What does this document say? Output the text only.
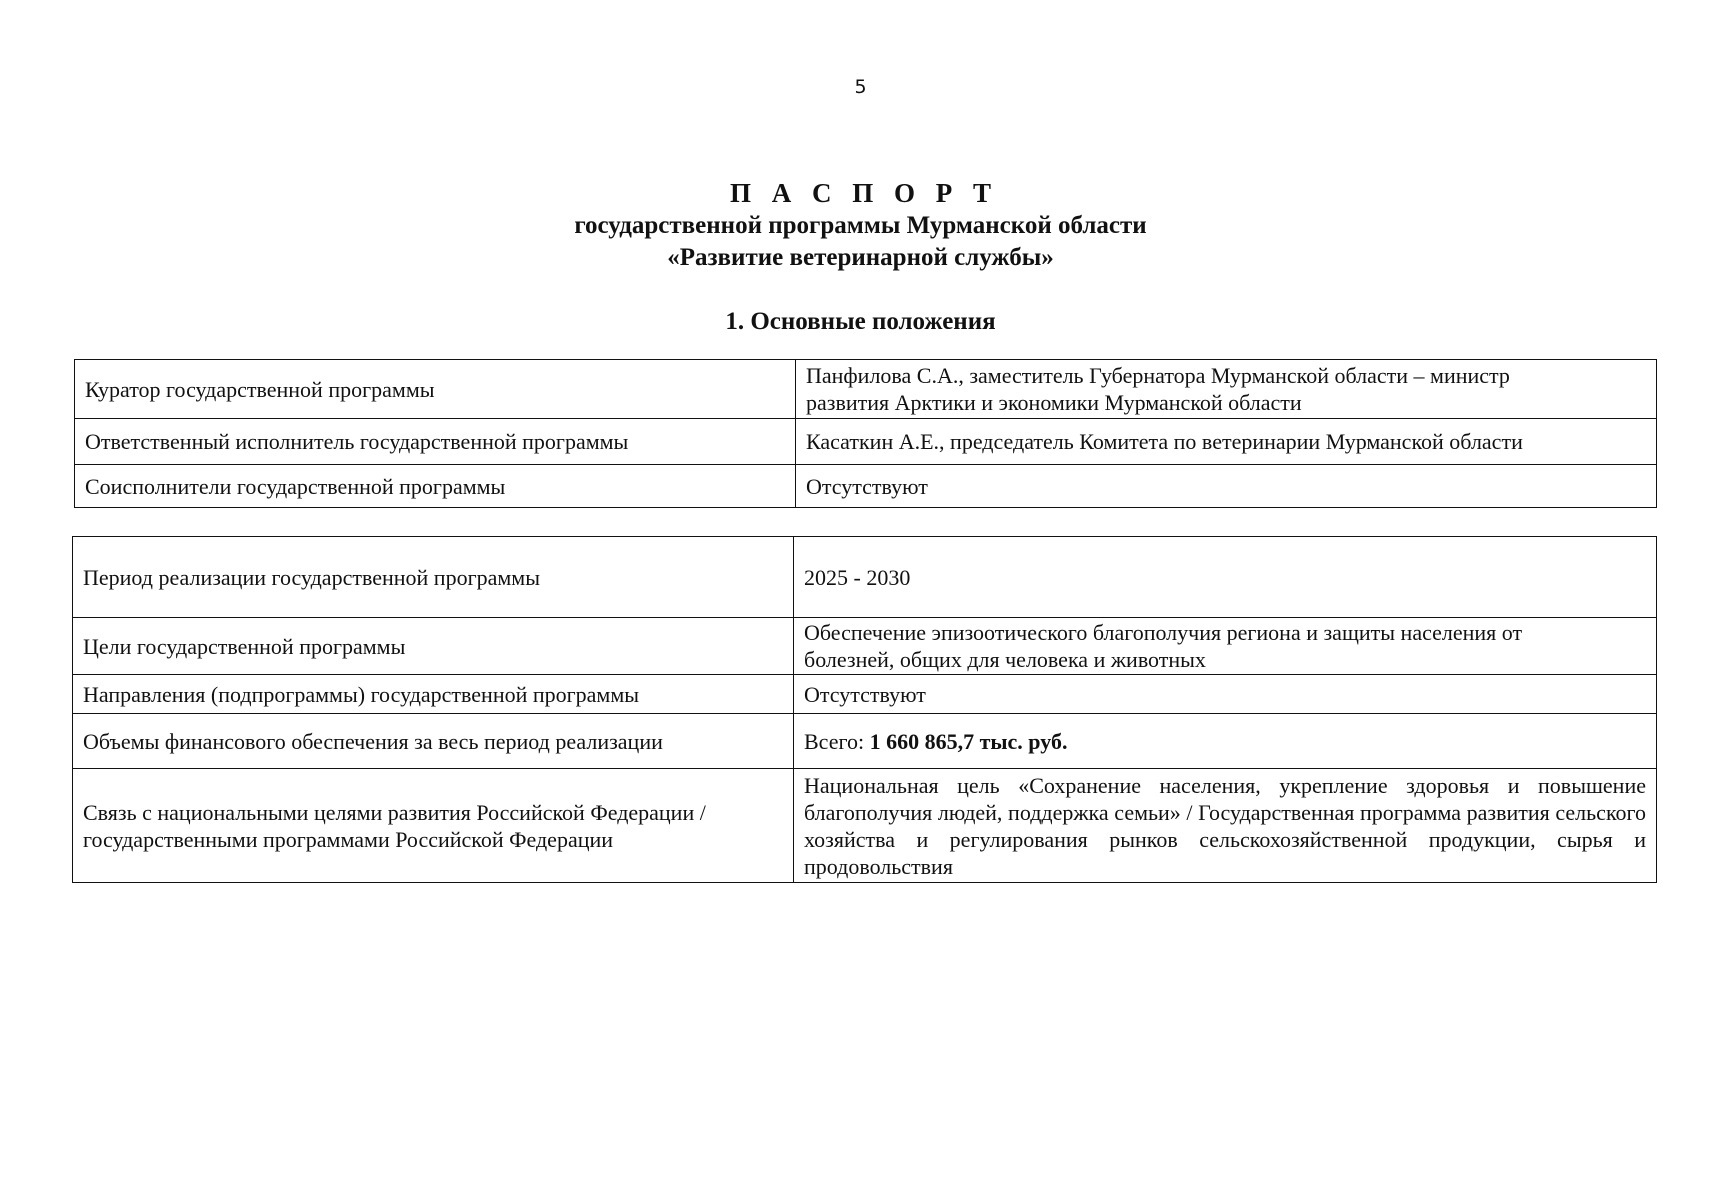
5
П А С П О Р Т
государственной программы Мурманской области
«Развитие ветеринарной службы»
1. Основные положения
Куратор государственной программы	Панфилова С.А., заместитель Губернатора Мурманской области – министр
развития Арктики и экономики Мурманской области

Ответственный исполнитель государственной программы	Касаткин А.Е., председатель Комитета по ветеринарии Мурманской области
Соисполнители государственной программы	Отсутствуют
Период реализации государственной программы	2025 - 2030
Цели государственной программы	Обеспечение эпизоотического благополучия региона и защиты населения от
болезней, общих для человека и животных

Направления (подпрограммы) государственной программы	Отсутствуют
Объемы финансового обеспечения за весь период реализации	Всего: 1 660 865,7 тыс. руб.

Связь с национальными целями развития Российской Федерации /
государственными программами Российской Федерации	Национальная цель «Сохранение населения, укрепление здоровья и повышение благополучия людей, поддержка семьи» / Государственная программа развития сельского хозяйства и регулирования рынков сельскохозяйственной продукции, сырья и продовольствия
